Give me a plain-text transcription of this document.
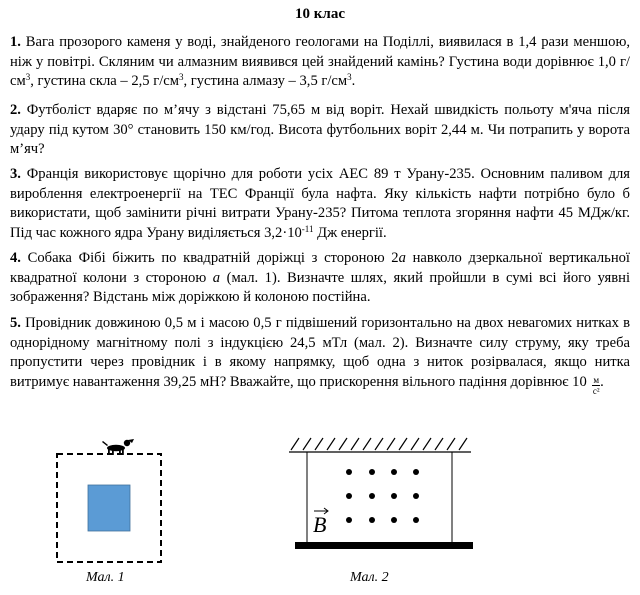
10 клас
1. Вага прозорого каменя у воді, знайденого геологами на Поділлі, виявилася в 1,4 рази меншою, ніж у повітрі. Скляним чи алмазним виявився цей знайдений камінь? Густина води дорівнює 1,0 $г/см^3$, густина скла – 2,5 $г/см^3$, густина алмазу – 3,5 $г/см^3$.
2. Футболіст вдаряє по м’ячу з відстані 75,65 м від воріт. Нехай швидкість польоту м'яча після удару під кутом 30° становить 150 км/год. Висота футбольних воріт 2,44 м. Чи потрапить у ворота м’яч?
3. Франція використовує щорічно для роботи усіх АЕС 89 т Урану-235. Основним паливом для вироблення електроенергії на ТЕС Франції була нафта. Яку кількість нафти потрібно було б використати, щоб замінити річні витрати Урану-235? Питома теплота згоряння нафти 45 МДж/кг. Під час кожного ядра Урану виділяється $3,2\cdot 10^{-11}$ Дж енергії.
4. Собака Фібі біжить по квадратній доріжці з стороною 2a навколо дзеркальної вертикальної квадратної колони з стороною a (мал. 1). Визначте шлях, який пройшли в сумі всі його уявні зображення? Відстань між доріжкою й колоною постійна.
5. Провідник довжиною 0,5 м і масою 0,5 г підвішений горизонтально на двох невагомих нитках в однорідному магнітному полі з індукцією 24,5 мТл (мал. 2). Визначте силу струму, яку треба пропустити через провідник і в якому напрямку, щоб одна з ниток розірвалася, якщо нитка витримує навантаження 39,25 мН? Вважайте, що прискорення вільного падіння дорівнює $10 \frac{м}{\text{с²}}$ .
Мал. 1
B
Мал. 2
